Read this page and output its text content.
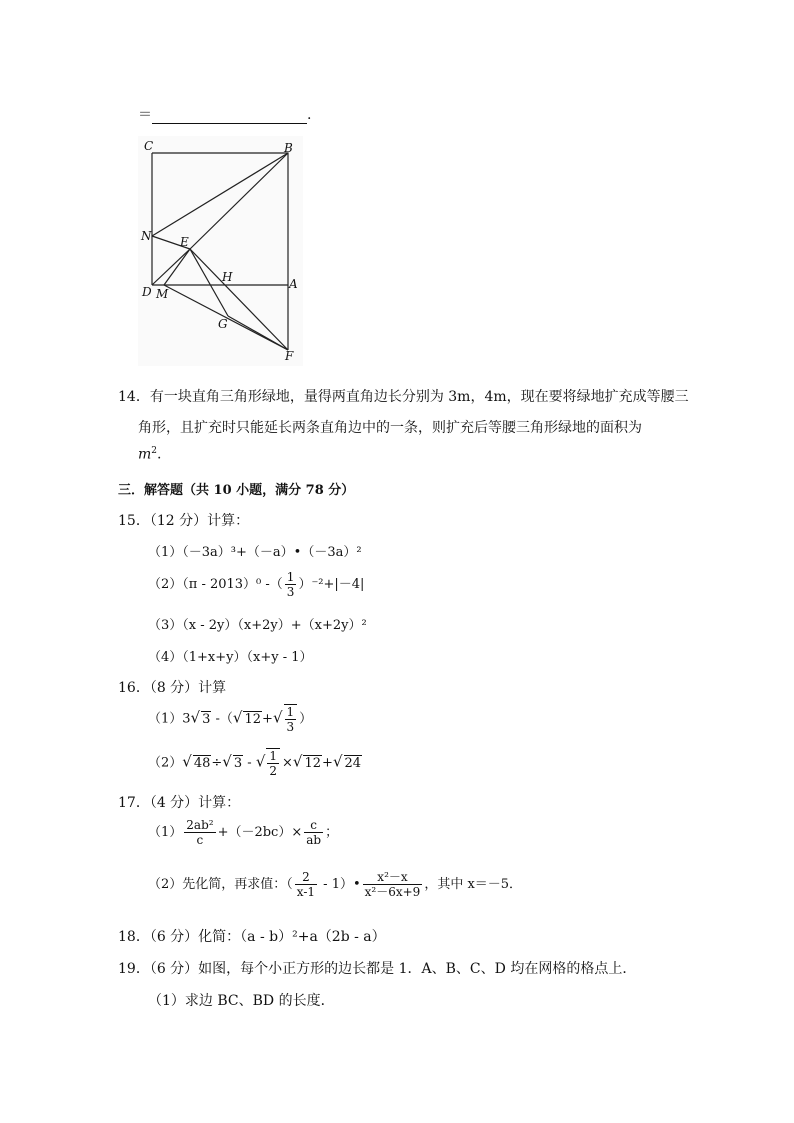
＝	.
C	B
N E
H	A
D M
G
F
14．有一块直角三角形绿地，量得两直角边长分别为 3m，4m，现在要将绿地扩充成等腰三
角形，且扩充时只能延长两条直角边中的一条，则扩充后等腰三角形绿地的面积为
$m^2$.
三．解答题（共 10 小题，满分 78 分）
15．（12 分）计算：
（1）（－3a）³+（－a）•（－3a）²
（2）（π - 2013）⁰ -（ $\frac{1}{3} )^{-2}+|-4|$
（3）（x - 2y）（x+2y）+（x+2y）²
（4）（1+x+y）（x+y - 1）
16．（8 分）计算
（1）3√ 3 -（√ $12+√ \frac{1}{3}$ ）
（2）√ 48÷√ 3 - √ $\frac{1}{2}$ ×√ 12+√ 24
17．（4 分）计算：
$(1) \frac{\text{2ab²}}{c} +(-2bc)\times \frac{c}{ab}$ ；
（2）先化简，再求值：（ $\frac{2}{x-1}$ - 1）• $\frac{\text{x²－x}}{\text{x²－6x+9}}$ ，其中 x＝－5．
18．（6 分）化简：（a - b）²+a（2b - a）
19．（6 分）如图，每个小正方形的边长都是 1．A、B、C、D 均在网格的格点上．
（1）求边 BC、BD 的长度．
